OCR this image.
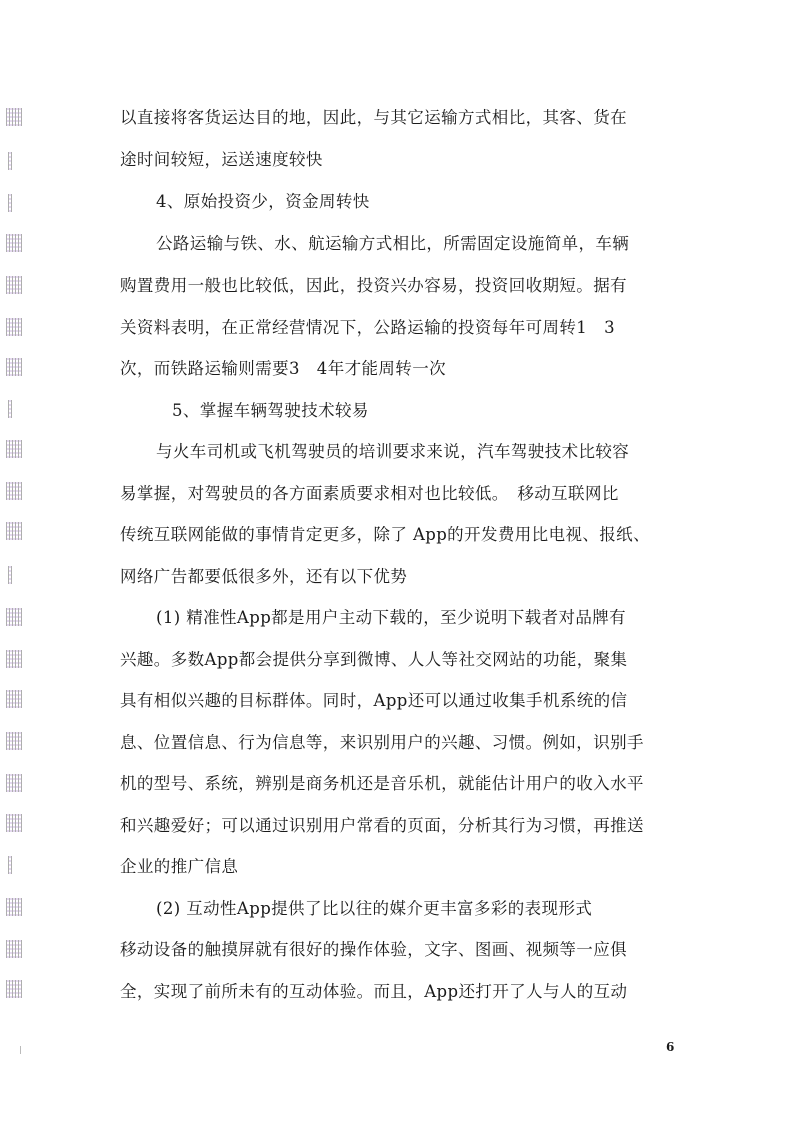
以直接将客货运达目的地，因此，与其它运输方式相比，其客、货在
途时间较短，运送速度较快
4、原始投资少，资金周转快
公路运输与铁、水、航运输方式相比，所需固定设施简单，车辆
购置费用一般也比较低，因此，投资兴办容易，投资回收期短。据有
关资料表明，在正常经营情况下，公路运输的投资每年可周转1　3
次，而铁路运输则需要3　4年才能周转一次
5、掌握车辆驾驶技术较易
与火车司机或飞机驾驶员的培训要求来说，汽车驾驶技术比较容
易掌握，对驾驶员的各方面素质要求相对也比较低。　移动互联网比
传统互联网能做的事情肯定更多，除了 App的开发费用比电视、报纸、
网络广告都要低很多外，还有以下优势
(1) 精准性App都是用户主动下载的，至少说明下载者对品牌有
兴趣。多数App都会提供分享到微博、人人等社交网站的功能，聚集
具有相似兴趣的目标群体。同时，App还可以通过收集手机系统的信
息、位置信息、行为信息等，来识别用户的兴趣、习惯。例如，识别手
机的型号、系统，辨别是商务机还是音乐机，就能估计用户的收入水平
和兴趣爱好；可以通过识别用户常看的页面，分析其行为习惯，再推送
企业的推广信息
(2) 互动性App提供了比以往的媒介更丰富多彩的表现形式
移动设备的触摸屏就有很好的操作体验，文字、图画、视频等一应俱
全，实现了前所未有的互动体验。而且，App还打开了人与人的互动
6
